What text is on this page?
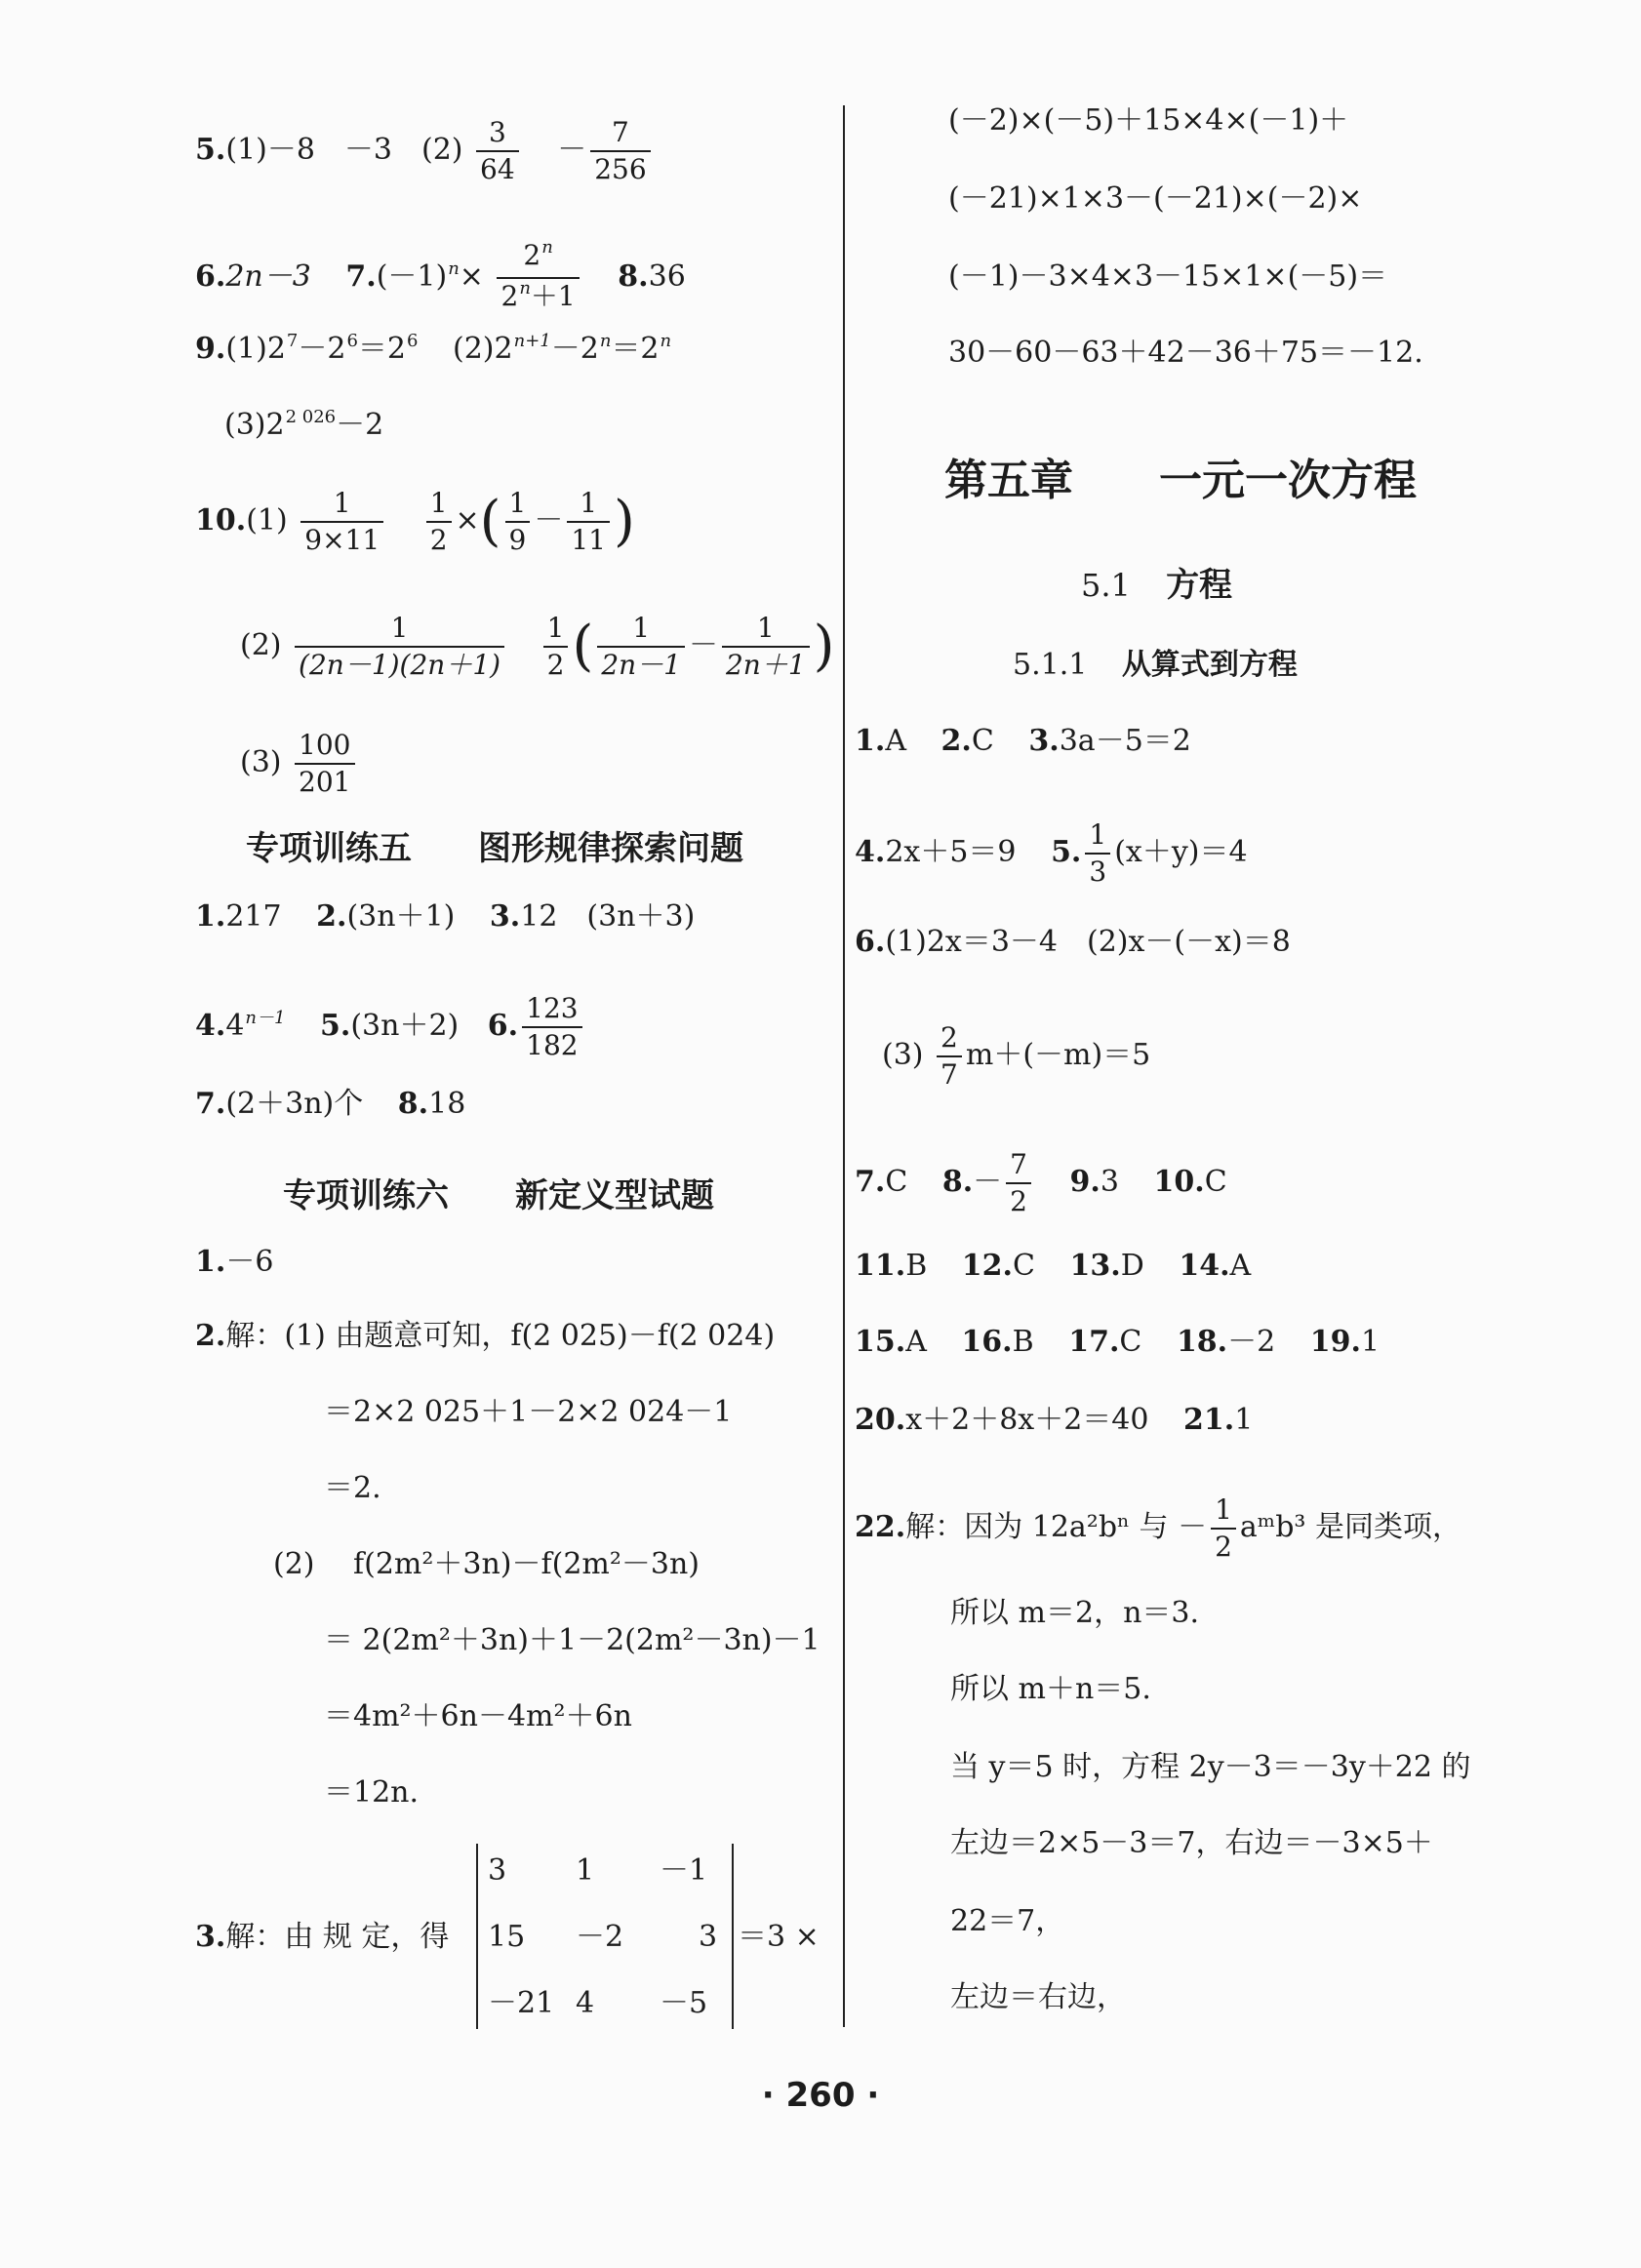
5.(1)－8　－3　$(2) \frac{3}{64} - \frac{7}{256}$
6.2n－3 $7.(-1)^n\times \frac{2^n}{2^n+1} 8.36$
$9.(1)2^7-2^6=2^6$ $(2)2^{n+1}-2^n=2^n$
$(3)2^{2 026}-2$
$10.(1) \frac{1}{9\times 11}$
$\frac{1}{2}$ ×( $\frac{1}{9} - \frac{1}{11}$ )
$(2) \frac{1}{(2n-1)(2n+1)}$
$\frac{1}{2}$ ( $\frac{1}{2n-1} - \frac{1}{2n+1}$ )
$(3) \frac{100}{201}$
专项训练五　　图形规律探索问题
1.217 2.(3n＋1) 3.12　(3n＋3)
$4.4^{n-1}$ 5.(3n＋2) 6. $\frac{123}{182}$
7.(2＋3n)个 8.18
专项训练六　　新定义型试题
1.－6
2.解：(1) 由题意可知，f(2 025)－f(2 024)
＝2×2 025＋1－2×2 024－1
＝2.
(2)　 f(2m²＋3n)－f(2m²－3n)
＝ 2(2m²＋3n)＋1－2(2m²－3n)－1
＝4m²＋6n－4m²＋6n
＝12n.
3.解：由 规 定，得
3 1 －1
15 －2	3
－21 4 －5
＝3 ×
(－2)×(－5)＋15×4×(－1)＋
(－21)×1×3－(－21)×(－2)×
(－1)－3×4×3－15×1×(－5)＝
30－60－63＋42－36＋75＝－12.
第五章　　一元一次方程
5.1 方程
5.1.1 从算式到方程
1.A 2.C 3.3a－5＝2
4.2x＋5＝9 5. $\frac{1}{3} (x+y)=4$
6.(1)2x＝3－4　(2)x－(－x)＝8
$(3) \frac{2}{7} m+(-m)=5$
7.C $8.- \frac{7}{2} 9.3$ 10.C
11.B 12.C 13.D 14.A
15.A 16.B 17.C 18.－2 19.1
20.x＋2＋8x＋2＝40 21.1
22.解：因为 12a²bⁿ 与 － $\frac{1}{2}$ aᵐb³ 是同类项，
所以 m＝2，n＝3.
所以 m＋n＝5.
当 y＝5 时，方程 2y－3＝－3y＋22 的
左边＝2×5－3＝7，右边＝－3×5＋
22＝7，
左边＝右边，
· 260 ·
